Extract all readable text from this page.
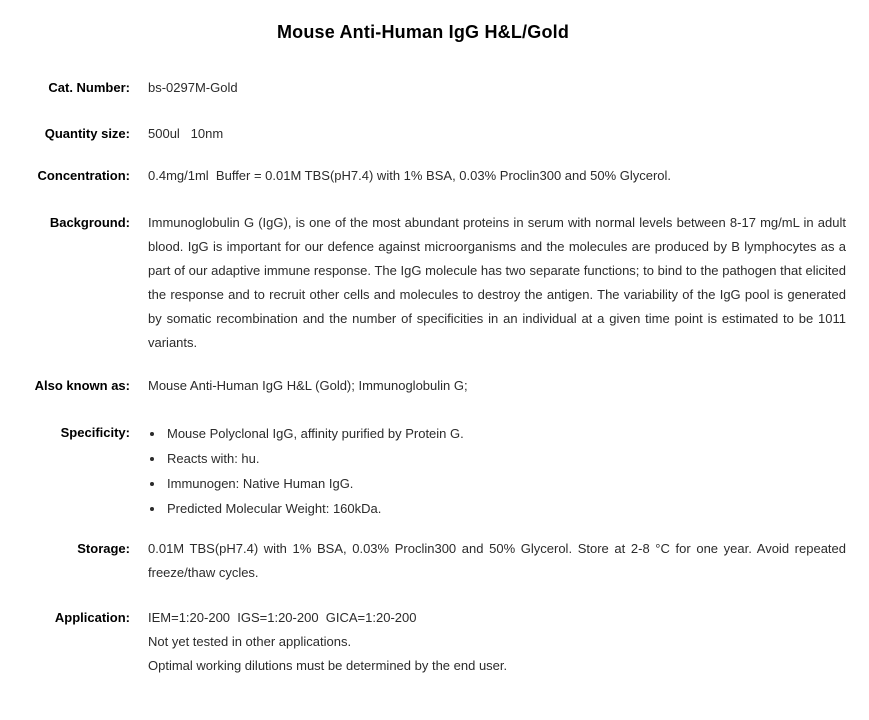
Mouse Anti-Human IgG H&L/Gold
Cat. Number: bs-0297M-Gold
Quantity size: 500ul   10nm
Concentration: 0.4mg/1ml  Buffer = 0.01M TBS(pH7.4) with 1% BSA, 0.03% Proclin300 and 50% Glycerol.
Background: Immunoglobulin G (IgG), is one of the most abundant proteins in serum with normal levels between 8-17 mg/mL in adult blood. IgG is important for our defence against microorganisms and the molecules are produced by B lymphocytes as a part of our adaptive immune response. The IgG molecule has two separate functions; to bind to the pathogen that elicited the response and to recruit other cells and molecules to destroy the antigen. The variability of the IgG pool is generated by somatic recombination and the number of specificities in an individual at a given time point is estimated to be 1011 variants.
Also known as: Mouse Anti-Human IgG H&L (Gold); Immunoglobulin G;
Specificity:	• Mouse Polyclonal IgG, affinity purified by Protein G.
• Reacts with: hu.
• Immunogen: Native Human IgG.
• Predicted Molecular Weight: 160kDa.
Storage: 0.01M TBS(pH7.4) with 1% BSA, 0.03% Proclin300 and 50% Glycerol. Store at 2-8 °C for one year. Avoid repeated freeze/thaw cycles.
Application: IEM=1:20-200  IGS=1:20-200  GICA=1:20-200
Not yet tested in other applications.
Optimal working dilutions must be determined by the end user.
